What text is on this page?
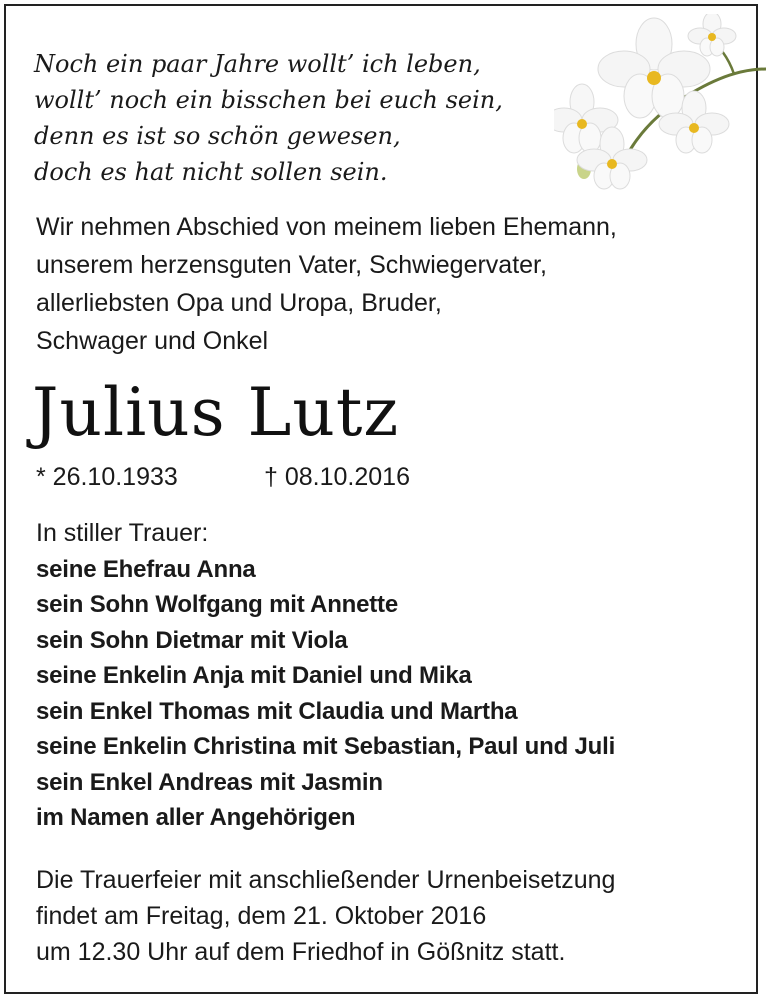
Noch ein paar Jahre wollt’ ich leben,
wollt’ noch ein bisschen bei euch sein,
denn es ist so schön gewesen,
doch es hat nicht sollen sein.
Wir nehmen Abschied von meinem lieben Ehemann,
unserem herzensguten Vater, Schwiegervater,
allerliebsten Opa und Uropa, Bruder,
Schwager und Onkel
Julius Lutz
* 26.10.1933	† 08.10.2016
In stiller Trauer:
seine Ehefrau Anna
sein Sohn Wolfgang mit Annette
sein Sohn Dietmar mit Viola
seine Enkelin Anja mit Daniel und Mika
sein Enkel Thomas mit Claudia und Martha
seine Enkelin Christina mit Sebastian, Paul und Juli
sein Enkel Andreas mit Jasmin
im Namen aller Angehörigen
Die Trauerfeier mit anschließender Urnenbeisetzung
findet am Freitag, dem 21. Oktober 2016
um 12.30 Uhr auf dem Friedhof in Gößnitz statt.
